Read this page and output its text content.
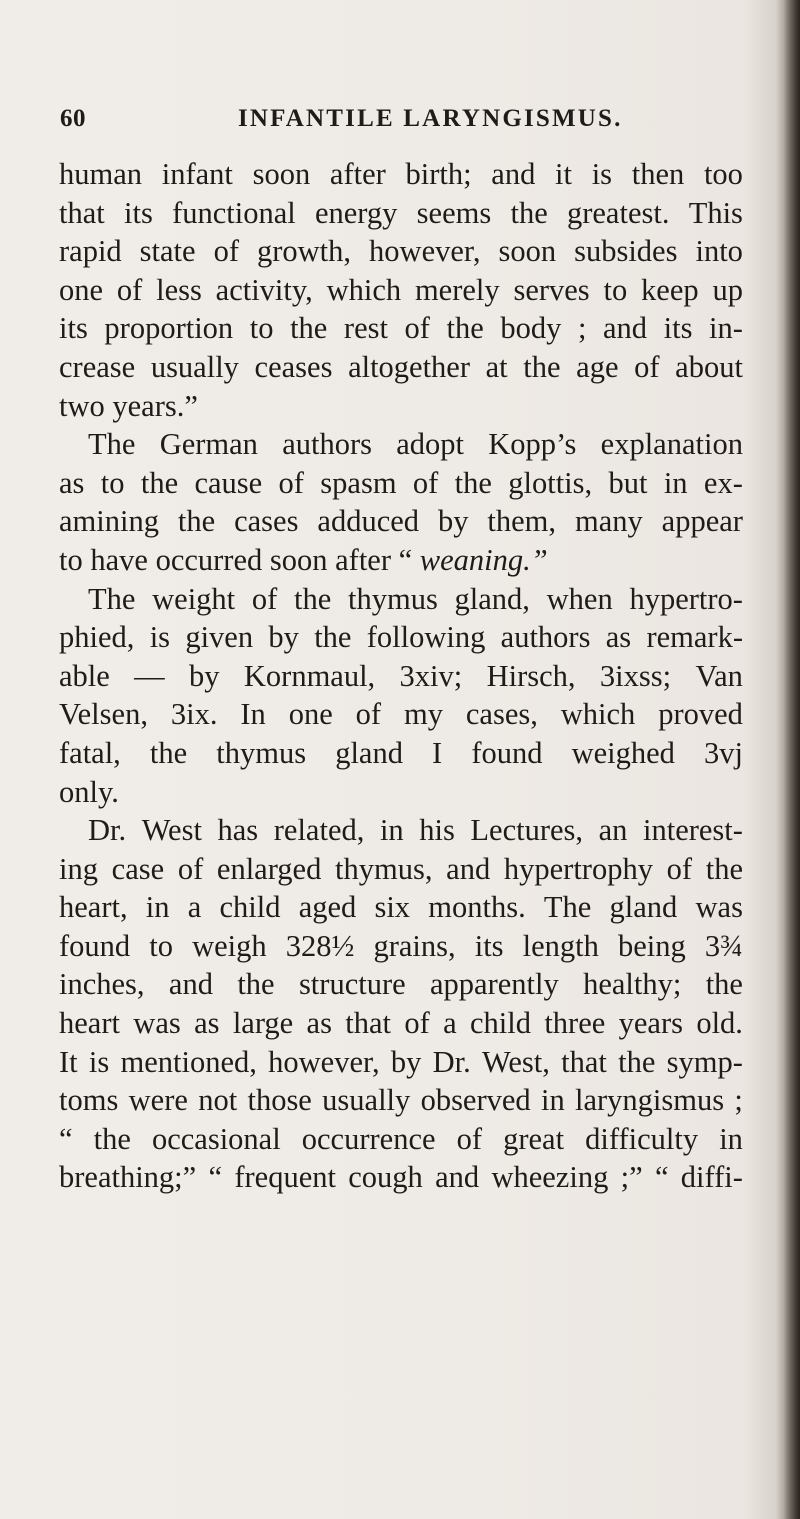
60	INFANTILE LARYNGISMUS.
human infant soon after birth; and it is then too
that its functional energy seems the greatest. This
rapid state of growth, however, soon subsides into
one of less activity, which merely serves to keep up
its proportion to the rest of the body ; and its in-
crease usually ceases altogether at the age of about
two
years.”
The German authors adopt Kopp’s explanation
as to the cause of spasm of the glottis, but in ex-
amining the cases adduced by them, many appear
to
have
occurred
soon
after
“
weaning.”
The weight of the thymus gland, when hypertro-
phied, is given by the following authors as remark-
able — by Kornmaul, 3xiv; Hirsch, 3ixss; Van
Velsen, 3ix. In one of my cases, which proved
fatal, the thymus gland I found weighed 3vj
only.
Dr. West has related, in his Lectures, an interest-
ing case of enlarged thymus, and hypertrophy of the
heart, in a child aged six months. The gland was
found to weigh 328½ grains, its length being 3¾
inches, and the structure apparently healthy; the
heart was as large as that of a child three years old.
It is mentioned, however, by Dr. West, that the symp-
toms were not those usually observed in laryngismus ;
“ the occasional occurrence of great difficulty in
breathing;” “ frequent cough and wheezing ;” “ diffi-
